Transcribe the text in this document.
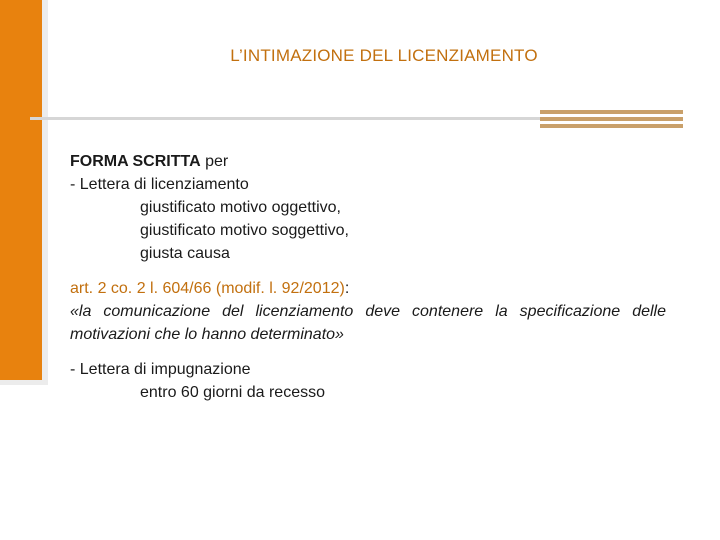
L’INTIMAZIONE DEL LICENZIAMENTO
FORMA SCRITTA per
- Lettera di licenziamento
giustificato motivo oggettivo,
giustificato motivo soggettivo,
giusta causa
art. 2 co. 2 l. 604/66 (modif. l. 92/2012):

«la comunicazione del licenziamento deve contenere la specificazione delle motivazioni che lo hanno determinato»

- Lettera di impugnazione
entro 60 giorni da recesso
